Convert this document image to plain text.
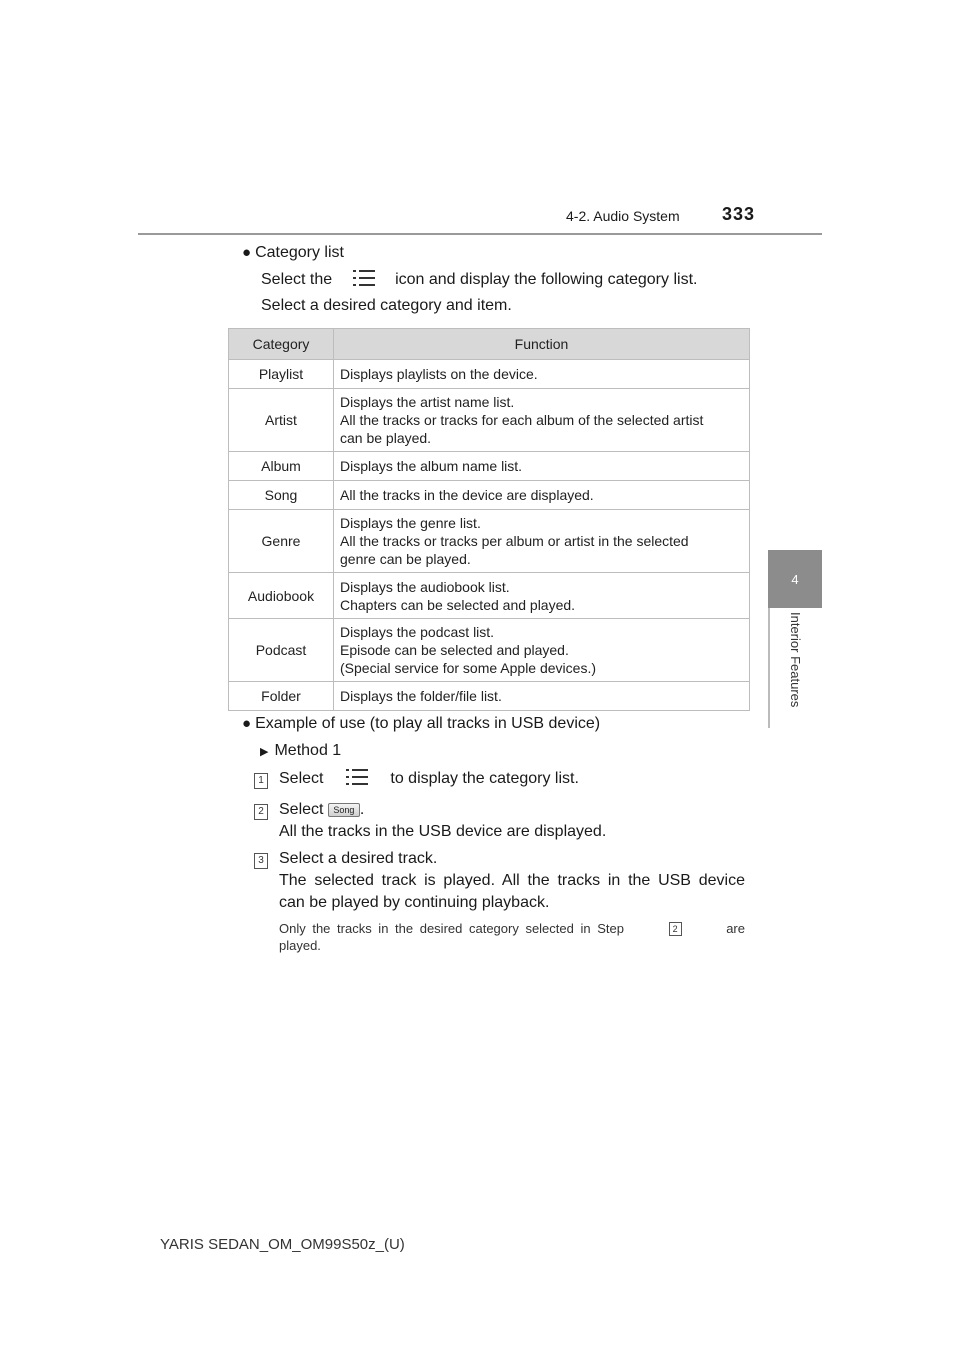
4-2. Audio System 333
4
Interior Features
● Category list
Select the	icon and display the following category list.
Select a desired category and item.
Category	Function
Playlist	Displays playlists on the device.
Artist	Displays the artist name list.
All the tracks or tracks for each album of the selected artist
can be played.
Album	Displays the album name list.
Song	All the tracks in the device are displayed.
Genre	Displays the genre list.
All the tracks or tracks per album or artist in the selected
genre can be played.
Audiobook	Displays the audiobook list.
Chapters can be selected and played.
Podcast	Displays the podcast list.
Episode can be selected and played.
(Special service for some Apple devices.)
Folder	Displays the folder/file list.
● Example of use (to play all tracks in USB device)
▶ Method 1
1 Select	to display the category list.
2 Select Song .
All the tracks in the USB device are displayed.
3 Select a desired track.
The selected track is played. All the tracks in the USB device
can be played by continuing playback.
Only the tracks in the desired category selected in Step	2	are
played.
YARIS SEDAN_OM_OM99S50z_(U)
